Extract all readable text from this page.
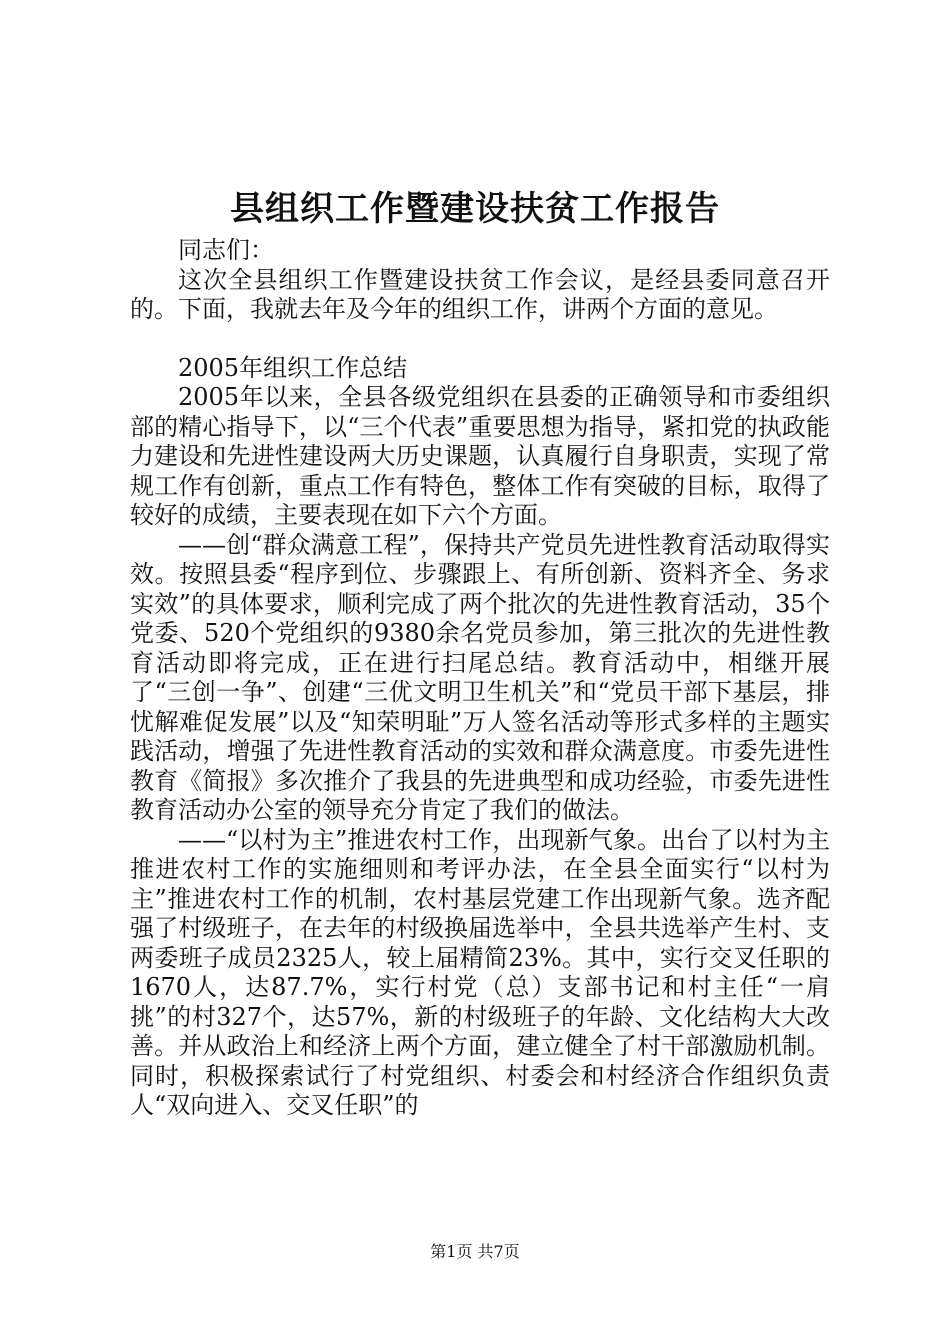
县组织工作暨建设扶贫工作报告

同志们：

这次全县组织工作暨建设扶贫工作会议，是经县委同意召开的。下面，我就去年及今年的组织工作，讲两个方面的意见。

2005年组织工作总结

2005年以来，全县各级党组织在县委的正确领导和市委组织部的精心指导下，以“三个代表”重要思想为指导，紧扣党的执政能力建设和先进性建设两大历史课题，认真履行自身职责，实现了常规工作有创新，重点工作有特色，整体工作有突破的目标，取得了较好的成绩，主要表现在如下六个方面。

——创“群众满意工程”，保持共产党员先进性教育活动取得实效。按照县委“程序到位、步骤跟上、有所创新、资料齐全、务求实效”的具体要求，顺利完成了两个批次的先进性教育活动，35个党委、520个党组织的9380余名党员参加，第三批次的先进性教育活动即将完成，正在进行扫尾总结。教育活动中，相继开展了“三创一争”、创建“三优文明卫生机关”和“党员干部下基层，排忧解难促发展”以及“知荣明耻”万人签名活动等形式多样的主题实践活动，增强了先进性教育活动的实效和群众满意度。市委先进性教育《简报》多次推介了我县的先进典型和成功经验，市委先进性教育活动办公室的领导充分肯定了我们的做法。

——“以村为主”推进农村工作，出现新气象。出台了以村为主推进农村工作的实施细则和考评办法，在全县全面实行“以村为主”推进农村工作的机制，农村基层党建工作出现新气象。选齐配强了村级班子，在去年的村级换届选举中，全县共选举产生村、支两委班子成员2325人，较上届精简23%。其中，实行交叉任职的1670人，达87.7%，实行村党（总）支部书记和村主任“一肩挑”的村327个，达57%，新的村级班子的年龄、文化结构大大改善。并从政治上和经济上两个方面，建立健全了村干部激励机制。同时，积极探索试行了村党组织、村委会和村经济合作组织负责人“双向进入、交叉任职”的

第1页 共7页
